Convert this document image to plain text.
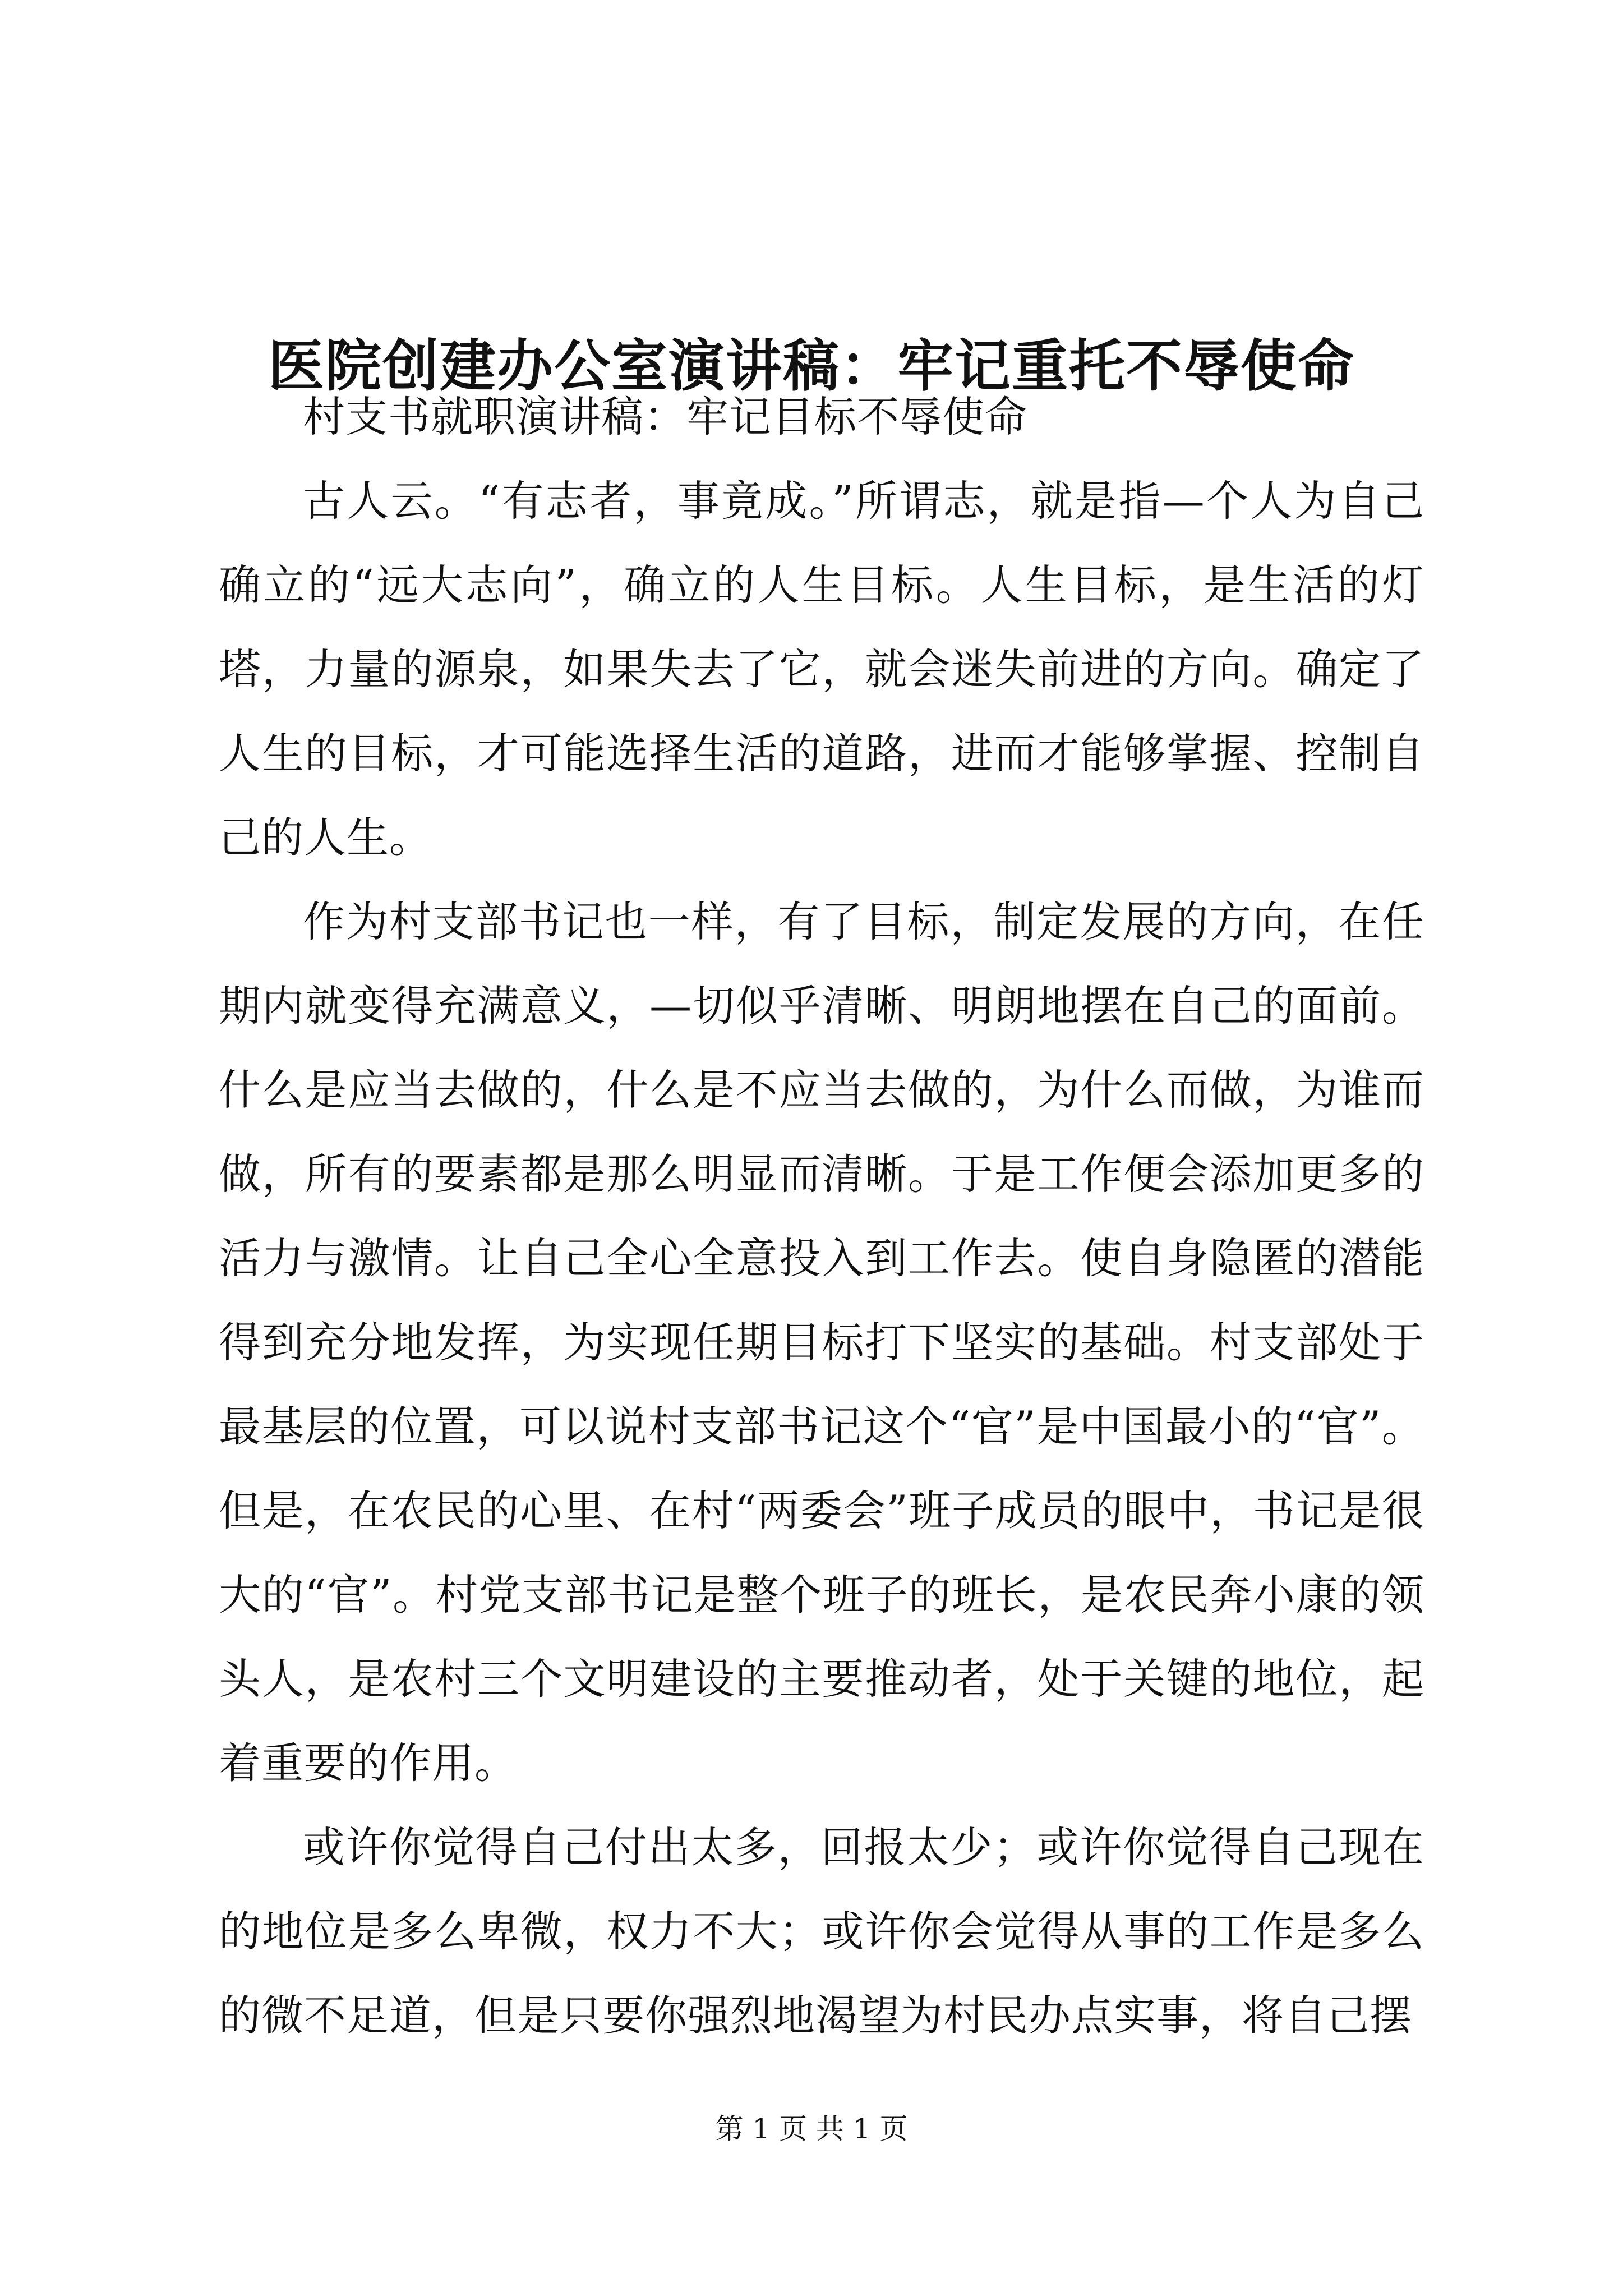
医院创建办公室演讲稿：牢记重托不辱使命

村支书就职演讲稿：牢记目标不辱使命

古人云。“有志者，事竟成。”所谓志，就是指—个人为自己确立的“远大志向”，确立的人生目标。人生目标，是生活的灯塔，力量的源泉，如果失去了它，就会迷失前进的方向。确定了人生的目标，才可能选择生活的道路，进而才能够掌握、控制自己的人生。

作为村支部书记也一样，有了目标，制定发展的方向，在任期内就变得充满意义，—切似乎清晰、明朗地摆在自己的面前。什么是应当去做的，什么是不应当去做的，为什么而做，为谁而做，所有的要素都是那么明显而清晰。于是工作便会添加更多的活力与激情。让自己全心全意投入到工作去。使自身隐匿的潜能得到充分地发挥，为实现任期目标打下坚实的基础。村支部处于最基层的位置，可以说村支部书记这个“官”是中国最小的“官”。但是，在农民的心里、在村“两委会”班子成员的眼中，书记是很大的“官”。村党支部书记是整个班子的班长，是农民奔小康的领头人，是农村三个文明建设的主要推动者，处于关键的地位，起着重要的作用。

或许你觉得自己付出太多，回报太少；或许你觉得自己现在的地位是多么卑微，权力不大；或许你会觉得从事的工作是多么的微不足道，但是只要你强烈地渴望为村民办点实事，将自己摆

第 1 页 共 1 页
